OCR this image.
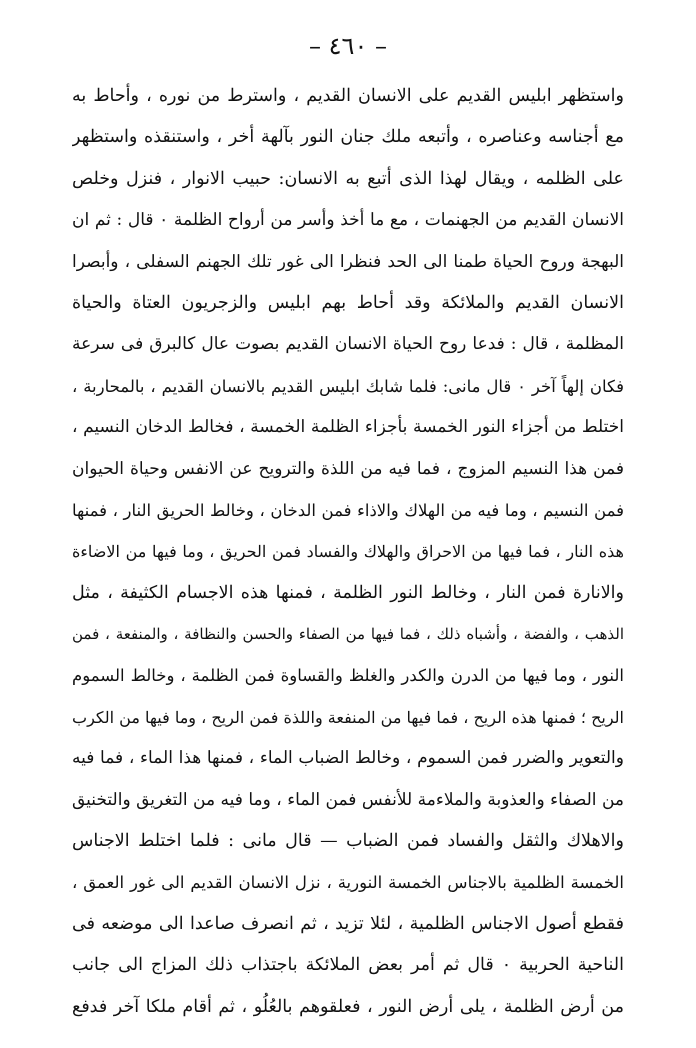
– ٤٦٠ –
واستظهر ابليس القديم على الانسان القديم ، واسترط من نوره ، وأحاط به
مع أجناسه وعناصره ، وأتبعه ملك جنان النور بآلهة أخر ، واستنقذه واستظهر
على الظلمه ، ويقال لهذا الذى أتبع به الانسان: حبيب الانوار ، فنزل وخلص
الانسان القديم من الجهنمات ، مع ما أخذ وأسر من أرواح الظلمة ٠ قال : ثم ان
البهجة وروح الحياة طمنا الى الحد فنظرا الى غور تلك الجهنم السفلى ، وأبصرا
الانسان القديم والملائكة وقد أحاط بهم ابليس والزجريون العتاة والحياة
المظلمة ، قال : فدعا روح الحياة الانسان القديم بصوت عال كالبرق فى سرعة
فكان إلهاً آخر ٠ قال مانى: فلما شابك ابليس القديم بالانسان القديم ، بالمحاربة ،
اختلط من أجزاء النور الخمسة بأجزاء الظلمة الخمسة ، فخالط الدخان النسيم ،
فمن هذا النسيم المزوج ، فما فيه من اللذة والترويح عن الانفس وحياة الحيوان
فمن النسيم ، وما فيه من الهلاك والاذاء فمن الدخان ، وخالط الحريق النار ، فمنها
هذه النار ، فما فيها من الاحراق والهلاك والفساد فمن الحريق ، وما فيها من الاضاءة
والانارة فمن النار ، وخالط النور الظلمة ، فمنها هذه الاجسام الكثيفة ، مثل
الذهب ، والفضة ، وأشباه ذلك ، فما فيها من الصفاء والحسن والنظافة ، والمنفعة ، فمن
النور ، وما فيها من الدرن والكدر والغلظ والقساوة فمن الظلمة ، وخالط السموم
الريح ؛ فمنها هذه الريح ، فما فيها من المنفعة واللذة فمن الريح ، وما فيها من الكرب
والتعوير والضرر فمن السموم ، وخالط الضباب الماء ، فمنها هذا الماء ، فما فيه
من الصفاء والعذوبة والملاءمة للأنفس فمن الماء ، وما فيه من التغريق والتخنيق
والاهلاك والثقل والفساد فمن الضباب — قال مانى : فلما اختلط الاجناس
الخمسة الظلمية بالاجناس الخمسة النورية ، نزل الانسان القديم الى غور العمق ،
فقطع أصول الاجناس الظلمية ، لئلا تزيد ، ثم انصرف صاعدا الى موضعه فى
الناحية الحربية ٠ قال ثم أمر بعض الملائكة باجتذاب ذلك المزاج الى جانب
من أرض الظلمة ، يلى أرض النور ، فعلقوهم بالعُلُو ، ثم أقام ملكا آخر فدفع
